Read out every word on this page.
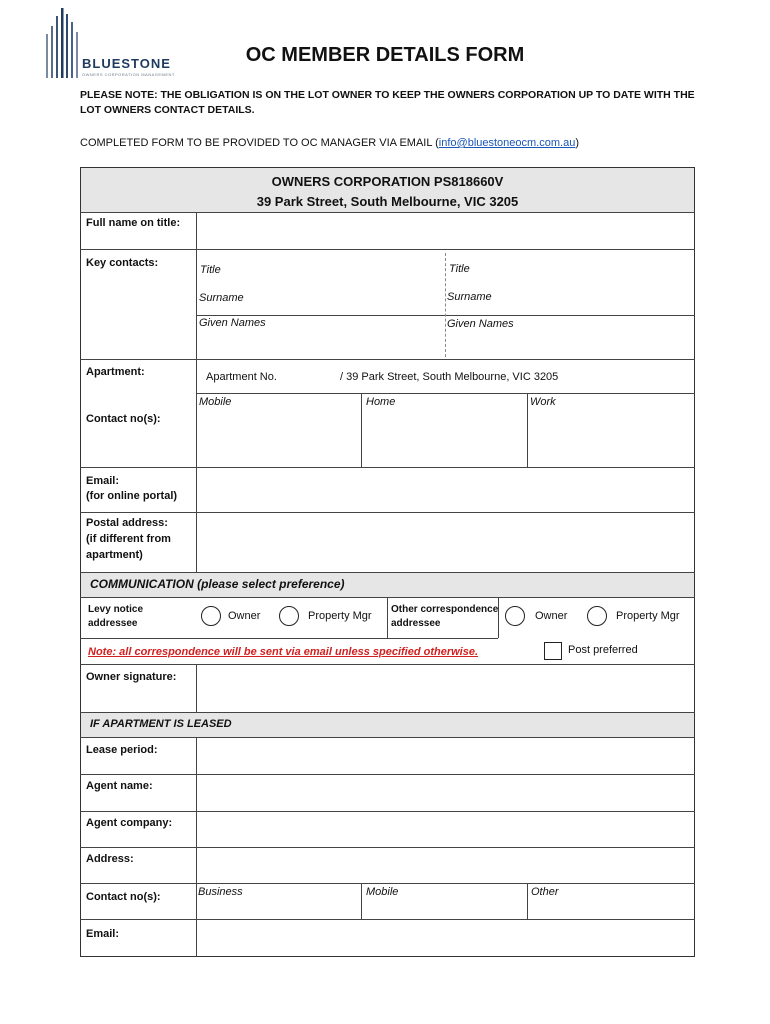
BLUESTONE
OWNERS CORPORATION MANAGEMENT
OC MEMBER DETAILS FORM
PLEASE NOTE: THE OBLIGATION IS ON THE LOT OWNER TO KEEP THE OWNERS CORPORATION UP TO DATE WITH THE LOT OWNERS CONTACT DETAILS.
COMPLETED FORM TO BE PROVIDED TO OC MANAGER VIA EMAIL (info@bluestoneocm.com.au)
OWNERS CORPORATION PS818660V
39 Park Street, South Melbourne, VIC 3205
Full name on title:
Key contacts:
Title	Title
Surname	Surname
Given Names	Given Names
Apartment:	Apartment No.	/ 39 Park Street, South Melbourne, VIC 3205
Contact no(s):
Mobile	Home	Work
Email:
(for online portal)
Postal address:
(if different from
apartment)
COMMUNICATION (please select preference)
Levy notice
addressee
Owner	Property Mgr
Other correspondence
addressee
Owner	Property Mgr
Note: all correspondence will be sent via email unless specified otherwise.	Post preferred
Owner signature:
IF APARTMENT IS LEASED
Lease period:
Agent name:
Agent company:
Address:
Contact no(s):	Business	Mobile	Other
Email:
